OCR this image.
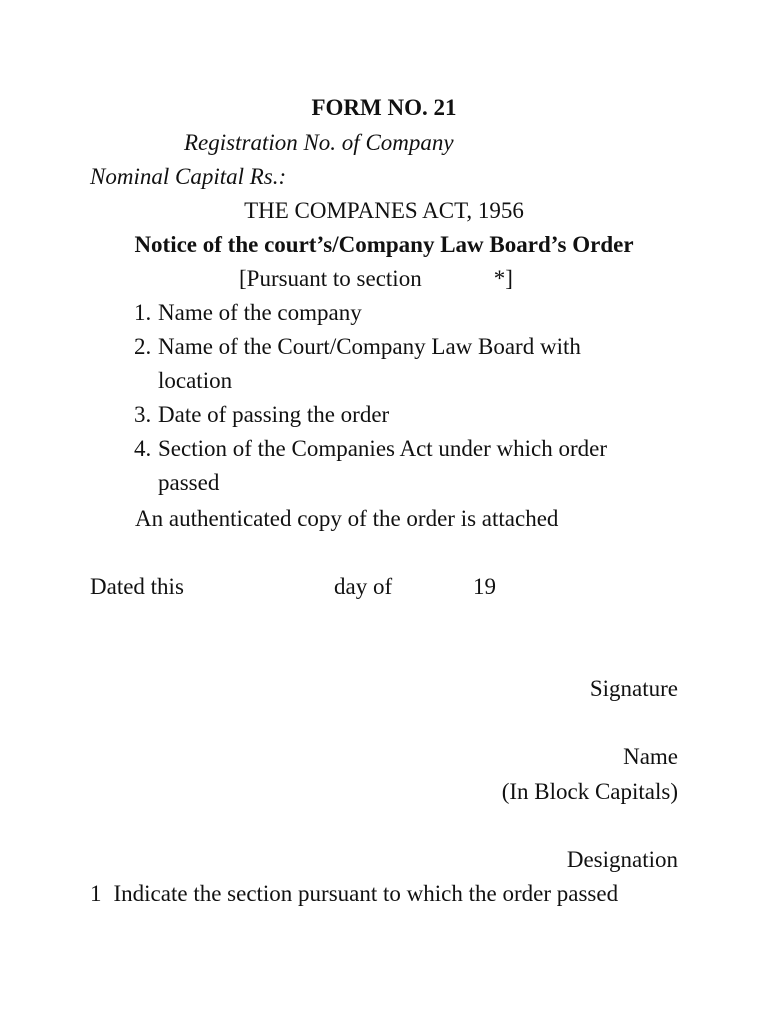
FORM NO. 21
Registration No. of Company
Nominal Capital Rs.:
THE COMPANES ACT, 1956
Notice of the court’s/Company Law Board’s Order
[Pursuant to section	*]
1. Name of the company
2. Name of the Court/Company Law Board with
location
3. Date of passing the order
4. Section of the Companies Act under which order
passed
An authenticated copy of the order is attached
Dated this	day of	19
Signature
Name
(In Block Capitals)
Designation
1 Indicate the section pursuant to which the order passed
